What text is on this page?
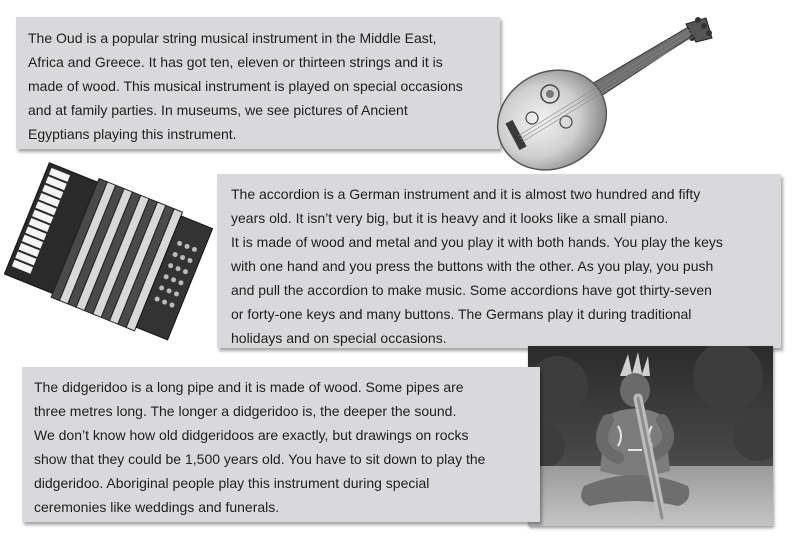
The Oud is a popular string musical instrument in the Middle East,

Africa and Greece. It has got ten, eleven or thirteen strings and it is

made of wood. This musical instrument is played on special occasions

and at family parties. In museums, we see pictures of Ancient

Egyptians playing this instrument.

The accordion is a German instrument and it is almost two hundred and fifty

years old. It isn’t very big, but it is heavy and it looks like a small piano.

It is made of wood and metal and you play it with both hands. You play the keys

with one hand and you press the buttons with the other. As you play, you push

and pull the accordion to make music. Some accordions have got thirty-seven

or forty-one keys and many buttons. The Germans play it during traditional

holidays and on special occasions.

The didgeridoo is a long pipe and it is made of wood. Some pipes are

three metres long. The longer a didgeridoo is, the deeper the sound.

We don’t know how old didgeridoos are exactly, but drawings on rocks

show that they could be 1,500 years old. You have to sit down to play the

didgeridoo. Aboriginal people play this instrument during special

ceremonies like weddings and funerals.
